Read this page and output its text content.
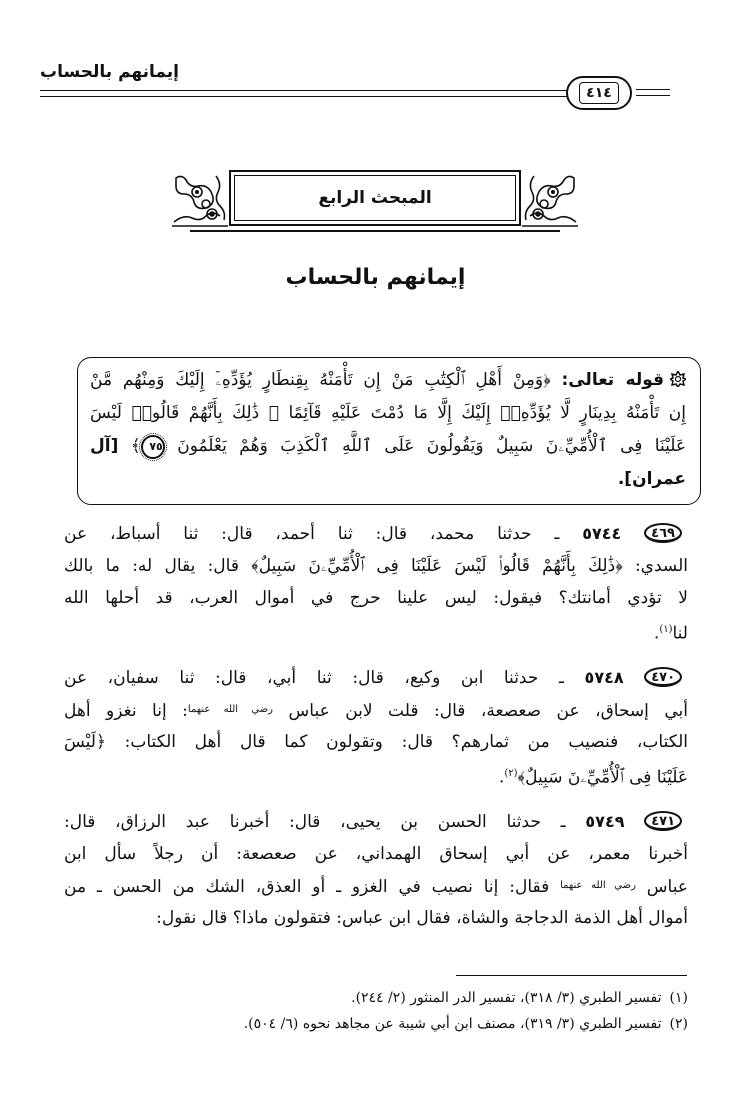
إيمانهم بالحساب
٤١٤
المبحث الرابع
إيمانهم بالحساب
قوله تعالى: ﴿وَمِنْ أَهْلِ ٱلْكِتَٰبِ مَنْ إِن تَأْمَنْهُ بِقِنطَارٍ يُؤَدِّهِۦٓ إِلَيْكَ وَمِنْهُم مَّنْ
إِن تَأْمَنْهُ بِدِينَارٍ لَّا يُؤَدِّهِۦٓ إِلَيْكَ إِلَّا مَا دُمْتَ عَلَيْهِ قَآئِمًا ۗ ذَٰلِكَ بِأَنَّهُمْ قَالُوا۟ لَيْسَ
عَلَيْنَا فِى ٱلْأُمِّيِّۦنَ سَبِيلٌ وَيَقُولُونَ عَلَى ٱللَّهِ ٱلْكَذِبَ وَهُمْ يَعْلَمُونَ ٧٥﴾ [آل
عمران].
٤٦٩ ٥٧٤٤ ـ حدثنا محمد، قال: ثنا أحمد، قال: ثنا أسباط، عن
السدي: ﴿ذَٰلِكَ بِأَنَّهُمْ قَالُوا۟ لَيْسَ عَلَيْنَا فِى ٱلْأُمِّيِّۦنَ سَبِيلٌ﴾ قال: يقال له: ما بالك
لا تؤدي أمانتك؟ فيقول: ليس علينا حرج في أموال العرب، قد أحلها الله
لنا$^{(١)}$.
٤٧٠ ٥٧٤٨ ـ حدثنا ابن وكيع، قال: ثنا أبي، قال: ثنا سفيان، عن
أبي إسحاق، عن صعصعة، قال: قلت لابن عباس $^{رضي الله عنهما}$: إنا نغزو أهل
الكتاب، فنصيب من ثمارهم؟ قال: وتقولون كما قال أهل الكتاب: ﴿لَيْسَ
عَلَيْنَا فِى ٱلْأُمِّيِّۦنَ سَبِيلٌ﴾$^{(٢)}$.
٤٧١ ٥٧٤٩ ـ حدثنا الحسن بن يحيى، قال: أخبرنا عبد الرزاق، قال:
أخبرنا معمر، عن أبي إسحاق الهمداني، عن صعصعة: أن رجلاً سأل ابن
عباس $^{رضي الله عنهما}$ فقال: إنا نصيب في الغزو ـ أو العذق، الشك من الحسن ـ من
أموال أهل الذمة الدجاجة والشاة، فقال ابن عباس: فتقولون ماذا؟ قال نقول:
(١)تفسير الطبري (٣/ ٣١٨)، تفسير الدر المنثور (٢/ ٢٤٤).
(٢)تفسير الطبري (٣/ ٣١٩)، مصنف ابن أبي شيبة عن مجاهد نحوه (٦/ ٥٠٤).
